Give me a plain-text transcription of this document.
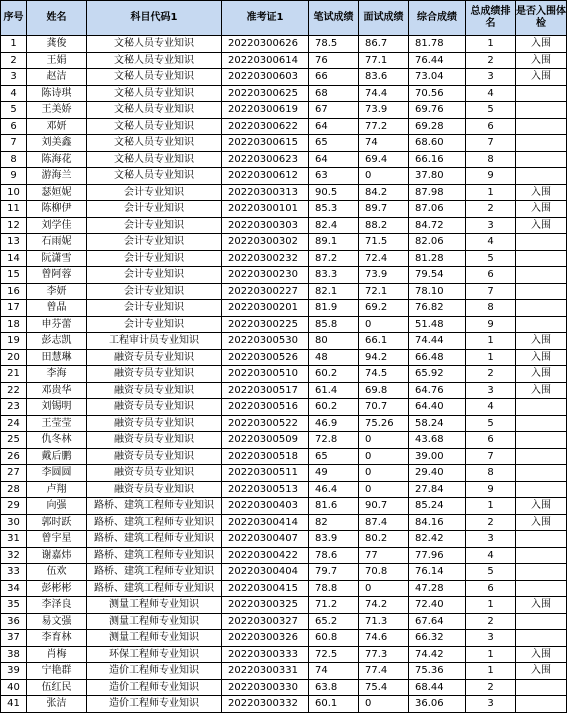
序号	姓名	科目代码1	准考证1	笔试成绩	面试成绩	综合成绩	总成绩排名	是否入围体检
1	龚俊	文秘人员专业知识	20220300626	78.5	86.7	81.78	1	入围
2	王娟	文秘人员专业知识	20220300614	76	77.1	76.44	2	入围
3	赵洁	文秘人员专业知识	20220300603	66	83.6	73.04	3	入围
4	陈诗琪	文秘人员专业知识	20220300625	68	74.4	70.56	4	
5	王美娇	文秘人员专业知识	20220300619	67	73.9	69.76	5	
6	邓妍	文秘人员专业知识	20220300622	64	77.2	69.28	6	
7	刘美鑫	文秘人员专业知识	20220300615	65	74	68.60	7	
8	陈海花	文秘人员专业知识	20220300623	64	69.4	66.16	8	
9	游海兰	文秘人员专业知识	20220300612	63	0	37.80	9	
10	瑟姮妮	会计专业知识	20220300313	90.5	84.2	87.98	1	入围
11	陈柳伊	会计专业知识	20220300101	85.3	89.7	87.06	2	入围
12	刘学佳	会计专业知识	20220300303	82.4	88.2	84.72	3	入围
13	石雨妮	会计专业知识	20220300302	89.1	71.5	82.06	4	
14	阮潇雪	会计专业知识	20220300232	87.2	72.4	81.28	5	
15	曾阿蓉	会计专业知识	20220300230	83.3	73.9	79.54	6	
16	李妍	会计专业知识	20220300227	82.1	72.1	78.10	7	
17	曾晶	会计专业知识	20220300201	81.9	69.2	76.82	8	
18	申芬蕾	会计专业知识	20220300225	85.8	0	51.48	9	
19	彭志凯	工程审计员专业知识	20220300530	80	66.1	74.44	1	入围
20	田慧琳	融资专员专业知识	20220300526	48	94.2	66.48	1	入围
21	李海	融资专员专业知识	20220300510	60.2	74.5	65.92	2	入围
22	邓贵华	融资专员专业知识	20220300517	61.4	69.8	64.76	3	入围
23	刘锡明	融资专员专业知识	20220300516	60.2	70.7	64.40	4	
24	王莹莹	融资专员专业知识	20220300522	46.9	75.26	58.24	5	
25	仇冬林	融资专员专业知识	20220300509	72.8	0	43.68	6	
26	戴后鹏	融资专员专业知识	20220300518	65	0	39.00	7	
27	李圆圆	融资专员专业知识	20220300511	49	0	29.40	8	
28	卢翔	融资专员专业知识	20220300513	46.4	0	27.84	9	
29	向强	路桥、建筑工程师专业知识	20220300403	81.6	90.7	85.24	1	入围
30	郭时跃	路桥、建筑工程师专业知识	20220300414	82	87.4	84.16	2	入围
31	曾宇星	路桥、建筑工程师专业知识	20220300407	83.9	80.2	82.42	3	
32	谢嘉炜	路桥、建筑工程师专业知识	20220300422	78.6	77	77.96	4	
33	伍欢	路桥、建筑工程师专业知识	20220300404	79.7	70.8	76.14	5	
34	彭彬彬	路桥、建筑工程师专业知识	20220300415	78.8	0	47.28	6	
35	李泽良	测量工程师专业知识	20220300325	71.2	74.2	72.40	1	入围
36	易文强	测量工程师专业知识	20220300327	65.2	71.3	67.64	2	
37	李育林	测量工程师专业知识	20220300326	60.8	74.6	66.32	3	
38	肖梅	环保工程师专业知识	20220300333	72.5	77.3	74.42	1	入围
39	宁艳群	造价工程师专业知识	20220300331	74	77.4	75.36	1	入围
40	伍红民	造价工程师专业知识	20220300330	63.8	75.4	68.44	2	
41	张洁	造价工程师专业知识	20220300332	60.1	0	36.06	3	
